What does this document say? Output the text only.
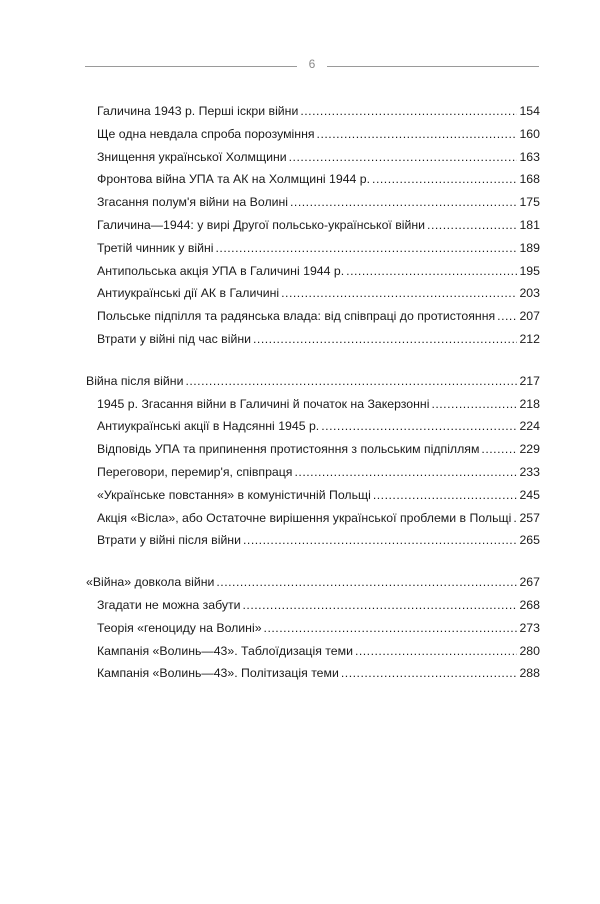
6
Галичина 1943 р. Перші іскри війни .....	154
Ще одна невдала спроба порозуміння .....	160
Знищення української Холмщини .....	163
Фронтова війна УПА та АК на Холмщині 1944 р. .....	168
Згасання полум'я війни на Волині .....	175
Галичина—1944: у вирі Другої польсько-української війни .....	181
Третій чинник у війні .....	189
Антипольська акція УПА в Галичині 1944 р. .....	195
Антиукраїнські дії АК в Галичині .....	203
Польське підпілля та радянська влада: від співпраці до протистояння ..... 207
Втрати у війні під час війни .....	212
Війна після війни .....	217
1945 р. Згасання війни в Галичині й початок на Закерзонні .....	218
Антиукраїнські акції в Надсянні 1945 р. .....	224
Відповідь УПА та припинення протистояння з польським підпіллям .....	229
Переговори, перемир'я, співпраця .....	233
«Українське повстання» в комуністичній Польщі .....	245
Акція «Вісла», або Остаточне вирішення української проблеми в Польщі ..... 257
Втрати у війні після війни .....	265
«Війна» довкола війни .....	267
Згадати не можна забути .....	268
Теорія «геноциду на Волині» .....	273
Кампанія «Волинь—43». Таблоїдизація теми .....	280
Кампанія «Волинь—43». Політизація теми .....	288
